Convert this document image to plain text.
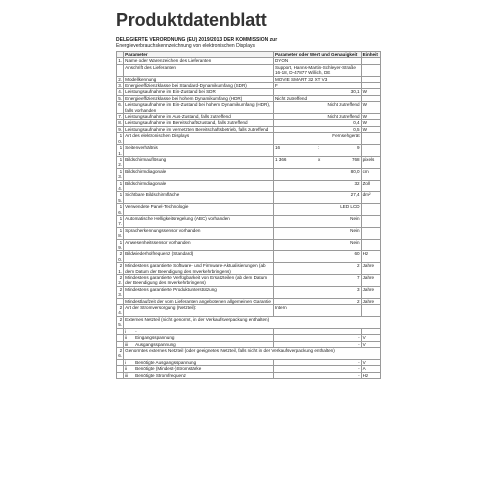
Produktdatenblatt
DELEGIERTE VERORDNUNG (EU) 2019/2013 DER KOMMISSION zur
Energieverbrauchskennzeichnung von elektronischen Displays
	Parameter	Parameter oder Wert und Genauigkeit	Einheit
1.	Name oder Warenzeichen des Lieferanten	DYON	
	Anschrift des Lieferanten	Support, Hanns-Martin-Schleyer-Straße 16-18, D-47877 Willich, DE	
2.	Modellkennung	MOVIE SMART 32 XT V3	
3.	Energieeffizienzklasse bei Standard-Dynamikumfang (SDR)	F	
4.	Leistungsaufnahme im Ein-Zustand bei SDR	30,1	W
5.	Energieeffizienzklasse bei hohem Dynamikumfang (HDR)	Nicht zutreffend	
6.	Leistungsaufnahme im Ein-Zustand bei hohem Dynamikumfang (HDR), falls vorhanden	Nicht zutreffend	W
7.	Leistungsaufnahme im Aus-Zustand, falls zutreffend	Nicht zutreffend	W
8.	Leistungsaufnahme im Bereitschaftszustand, falls zutreffend	0,4	W
9.	Leistungsaufnahme im vernetzten Bereitschaftsbetrieb, falls zutreffend	0,5	W
10.	Art des elektronischen Displays	Fernsehgerät	
11.	Seitenverhältnis	16 : 9	

12.	Bildschirmauflösung	1 366 x 768	pixels
13.	Bildschirmdiagonale	80,0	cm
14.	Bildschirmdiagonale	32	Zoll
15.	Sichtbare Bildschirmfläche	27,4	dm²
16.	Verwendete Panel-Technologie	LED LCD	
17.	Automatische Helligkeitsregelung (ABC) vorhanden	Nein	
18.	Spracherkennungssensor vorhanden	Nein	
19.	Anwesenheitssensor vorhanden	Nein	
20.	Bildwiederholfrequenz (Standard)	60	Hz
21.	Mindestens garantierte Software- und Firmware-Aktualisierungen (ab dem Datum der Beendigung des Inverkehrbringens)	2	Jahre
22.	Mindestens garantierte Verfügbarkeit von Ersatzteilen (ab dem Datum der Beendigung des Inverkehrbringens)	7	Jahre
23.	Mindestens garantierte Produktunterstützung	3	Jahre
	Mindestlaufzeit der vom Lieferanten angebotenen allgemeinen Garantie	2	Jahre
24.	Art der Stromversorgung (Netzteil):	Intern	
25.	Externes Netzteil (nicht genormt, in der Verkaufsverpackung enthalten)		
	i -		
	ii Eingangsspannung	-	V
	iii Ausgangsspannung	-	V
26.	Genormtes externes Netzteil (oder geeignetes Netzteil, falls nicht in der Verkaufsverpackung enthalten)		
	i Benötigte Ausgangsspannung	-	V
	ii Benötigte (Mindest-)Stromstärke	-	A
	iii Benötigte Stromfrequenz	-	Hz
